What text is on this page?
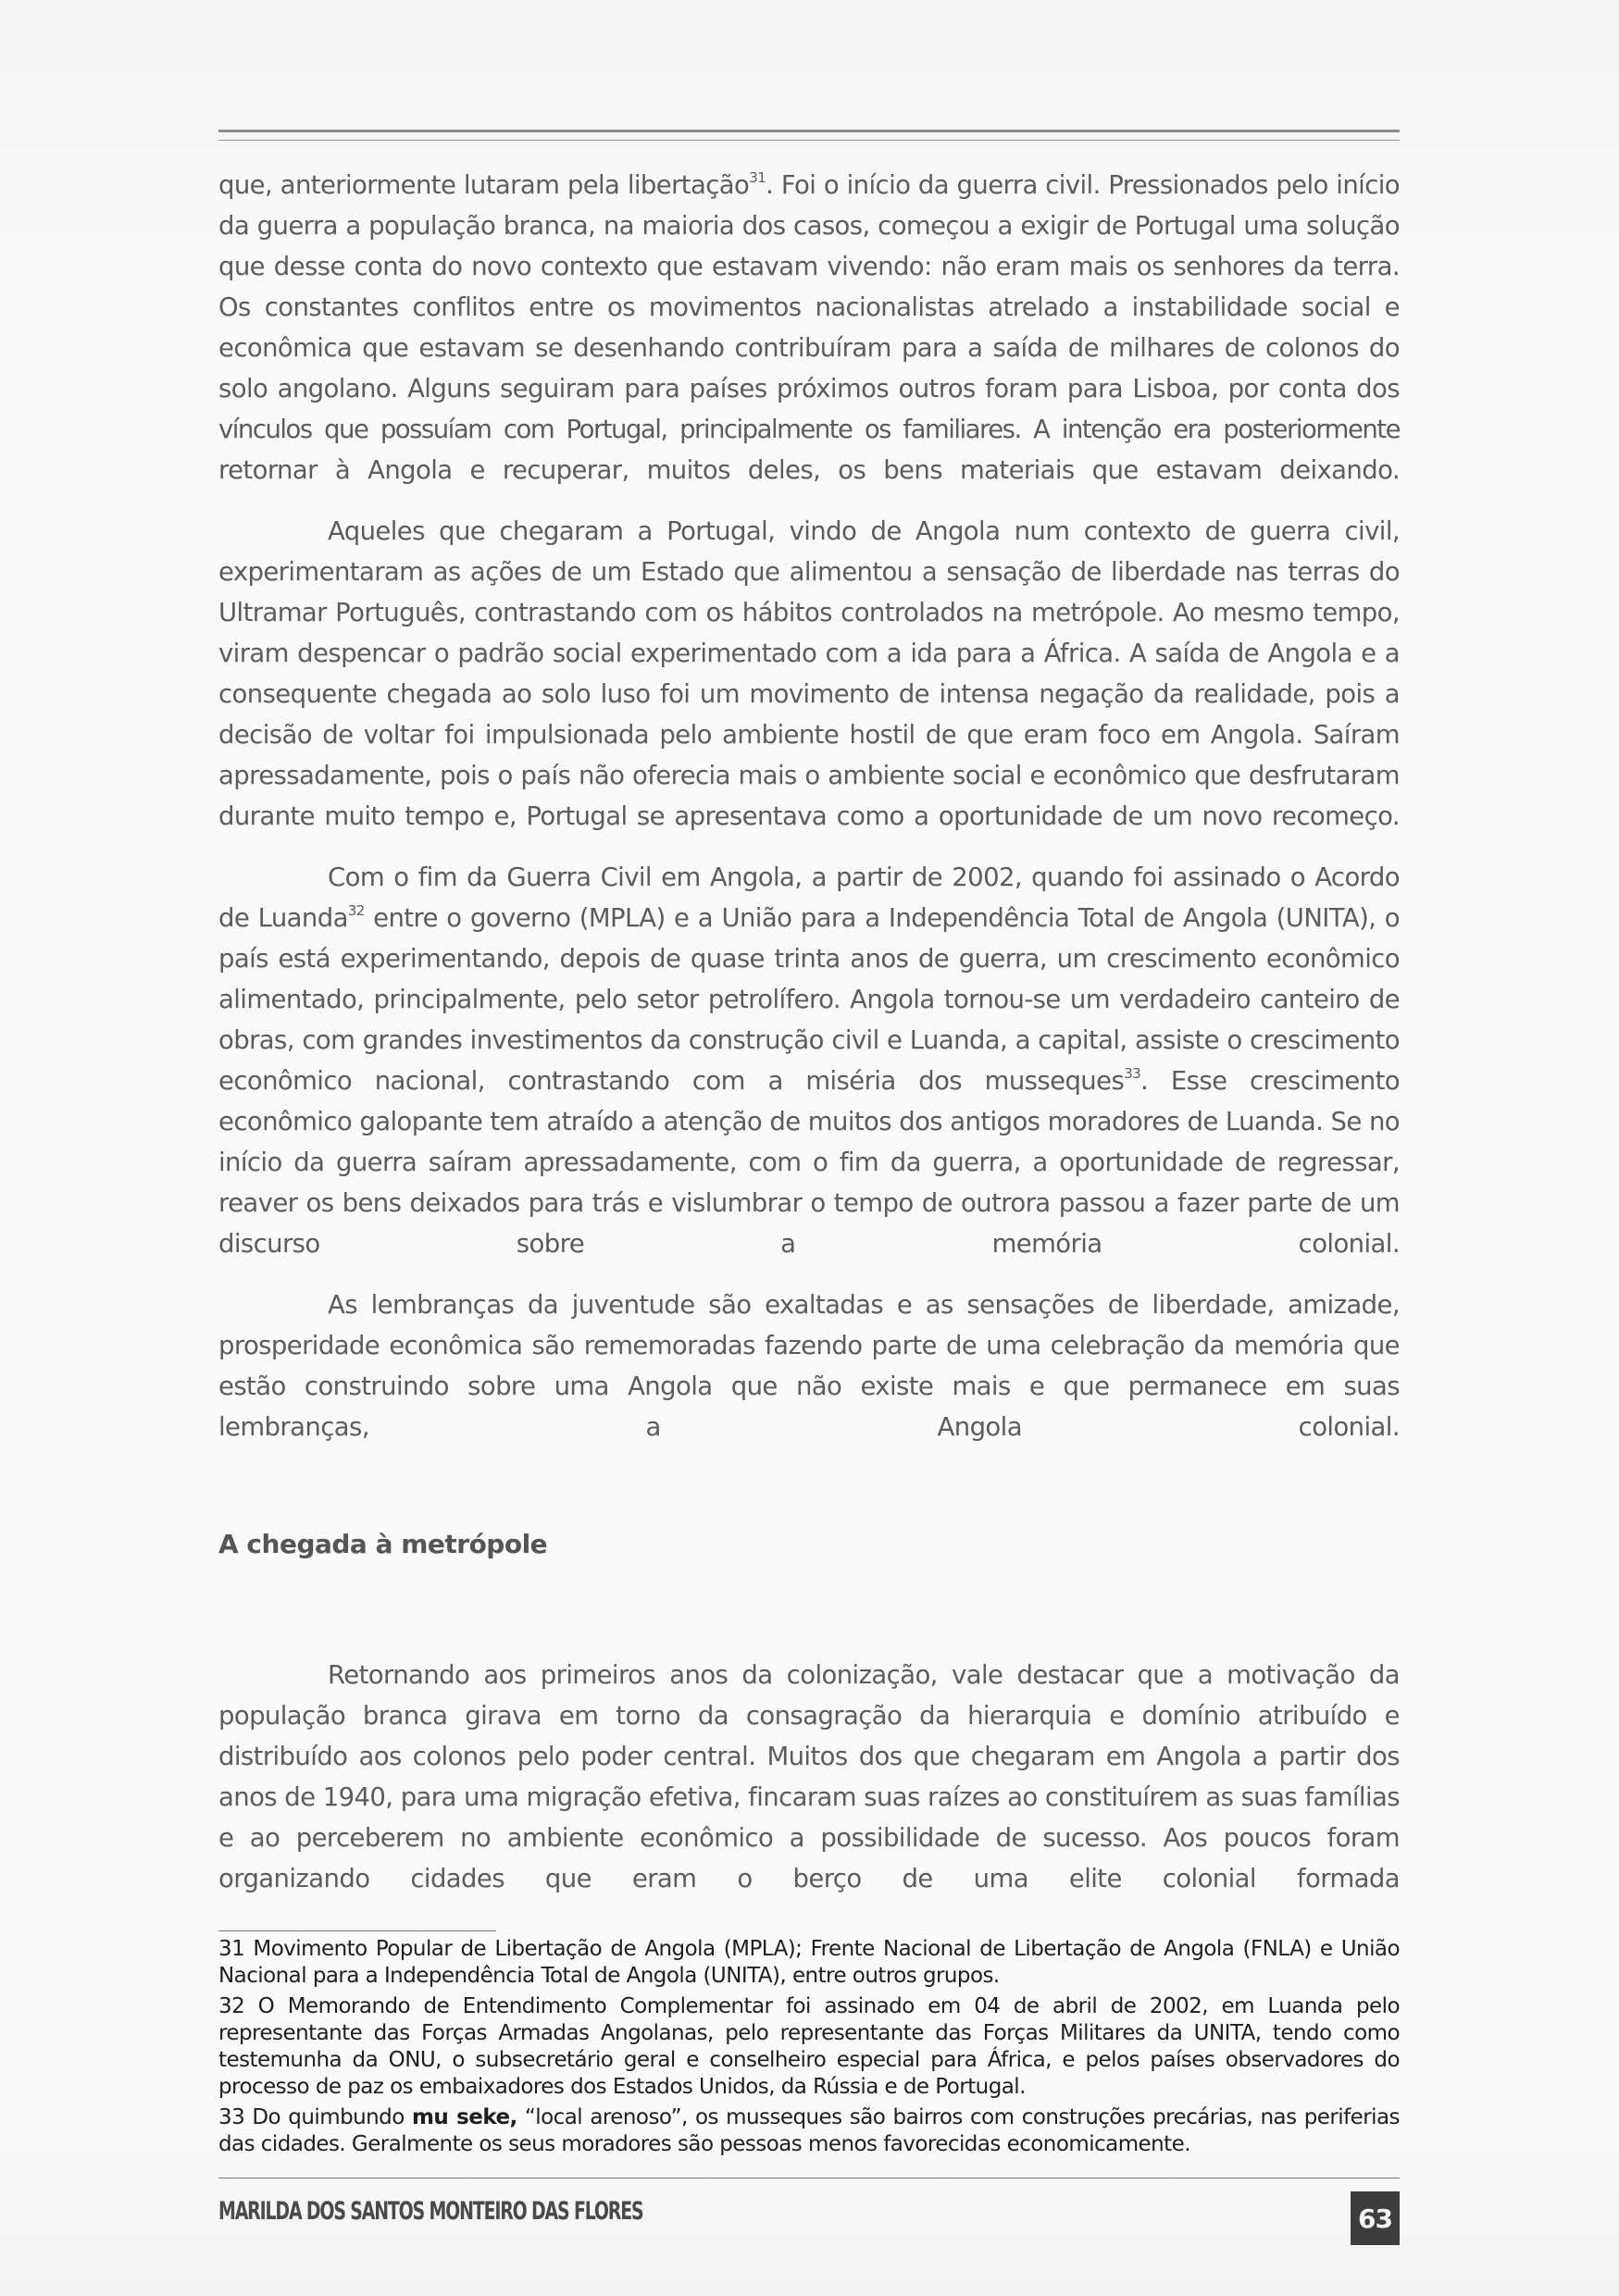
que, anteriormente lutaram pela libertação$^{31}$. Foi o início da guerra civil. Pressionados pelo início da guerra a população branca, na maioria dos casos, começou a exigir de Portugal uma solução que desse conta do novo contexto que estavam vivendo: não eram mais os senhores da terra. Os constantes conflitos entre os movimentos nacionalistas atrelado a instabilidade social e econômica que estavam se desenhando contribuíram para a saída de milhares de colonos do solo angolano. Alguns seguiram para países próximos outros foram para Lisboa, por conta dos vínculos que possuíam com Portugal, principalmente os familiares. A intenção era posteriormente retornar à Angola e recuperar, muitos deles, os bens materiais que estavam deixando.

Aqueles que chegaram a Portugal, vindo de Angola num contexto de guerra civil, experimentaram as ações de um Estado que alimentou a sensação de liberdade nas terras do Ultramar Português, contrastando com os hábitos controlados na metrópole. Ao mesmo tempo, viram despencar o padrão social experimentado com a ida para a África. A saída de Angola e a consequente chegada ao solo luso foi um movimento de intensa negação da realidade, pois a decisão de voltar foi impulsionada pelo ambiente hostil de que eram foco em Angola. Saíram apressadamente, pois o país não oferecia mais o ambiente social e econômico que desfrutaram durante muito tempo e, Portugal se apresentava como a oportunidade de um novo recomeço.

Com o fim da Guerra Civil em Angola, a partir de 2002, quando foi assinado o Acordo de Luanda$^{32}$ entre o governo (MPLA) e a União para a Independência Total de Angola (UNITA), o país está experimentando, depois de quase trinta anos de guerra, um crescimento econômico alimentado, principalmente, pelo setor petrolífero. Angola tornou-se um verdadeiro canteiro de obras, com grandes investimentos da construção civil e Luanda, a capital, assiste o crescimento econômico nacional, contrastando com a miséria dos musseques$^{33}$. Esse crescimento econômico galopante tem atraído a atenção de muitos dos antigos moradores de Luanda. Se no início da guerra saíram apressadamente, com o fim da guerra, a oportunidade de regressar, reaver os bens deixados para trás e vislumbrar o tempo de outrora passou a fazer parte de um discurso sobre a memória colonial.

As lembranças da juventude são exaltadas e as sensações de liberdade, amizade, prosperidade econômica são rememoradas fazendo parte de uma celebração da memória que estão construindo sobre uma Angola que não existe mais e que permanece em suas lembranças, a Angola colonial.

A chegada à metrópole

Retornando aos primeiros anos da colonização, vale destacar que a motivação da população branca girava em torno da consagração da hierarquia e domínio atribuído e distribuído aos colonos pelo poder central. Muitos dos que chegaram em Angola a partir dos anos de 1940, para uma migração efetiva, fincaram suas raízes ao constituírem as suas famílias e ao perceberem no ambiente econômico a possibilidade de sucesso. Aos poucos foram organizando cidades que eram o berço de uma elite colonial formada

31 Movimento Popular de Libertação de Angola (MPLA); Frente Nacional de Libertação de Angola (FNLA) e União Nacional para a Independência Total de Angola (UNITA), entre outros grupos.

32 O Memorando de Entendimento Complementar foi assinado em 04 de abril de 2002, em Luanda pelo representante das Forças Armadas Angolanas, pelo representante das Forças Militares da UNITA, tendo como testemunha da ONU, o subsecretário geral e conselheiro especial para África, e pelos países observadores do processo de paz os embaixadores dos Estados Unidos, da Rússia e de Portugal.

33 Do quimbundo mu seke, “local arenoso”, os musseques são bairros com construções precárias, nas periferias das cidades. Geralmente os seus moradores são pessoas menos favorecidas economicamente.

MARILDA DOS SANTOS MONTEIRO DAS FLORES	63
